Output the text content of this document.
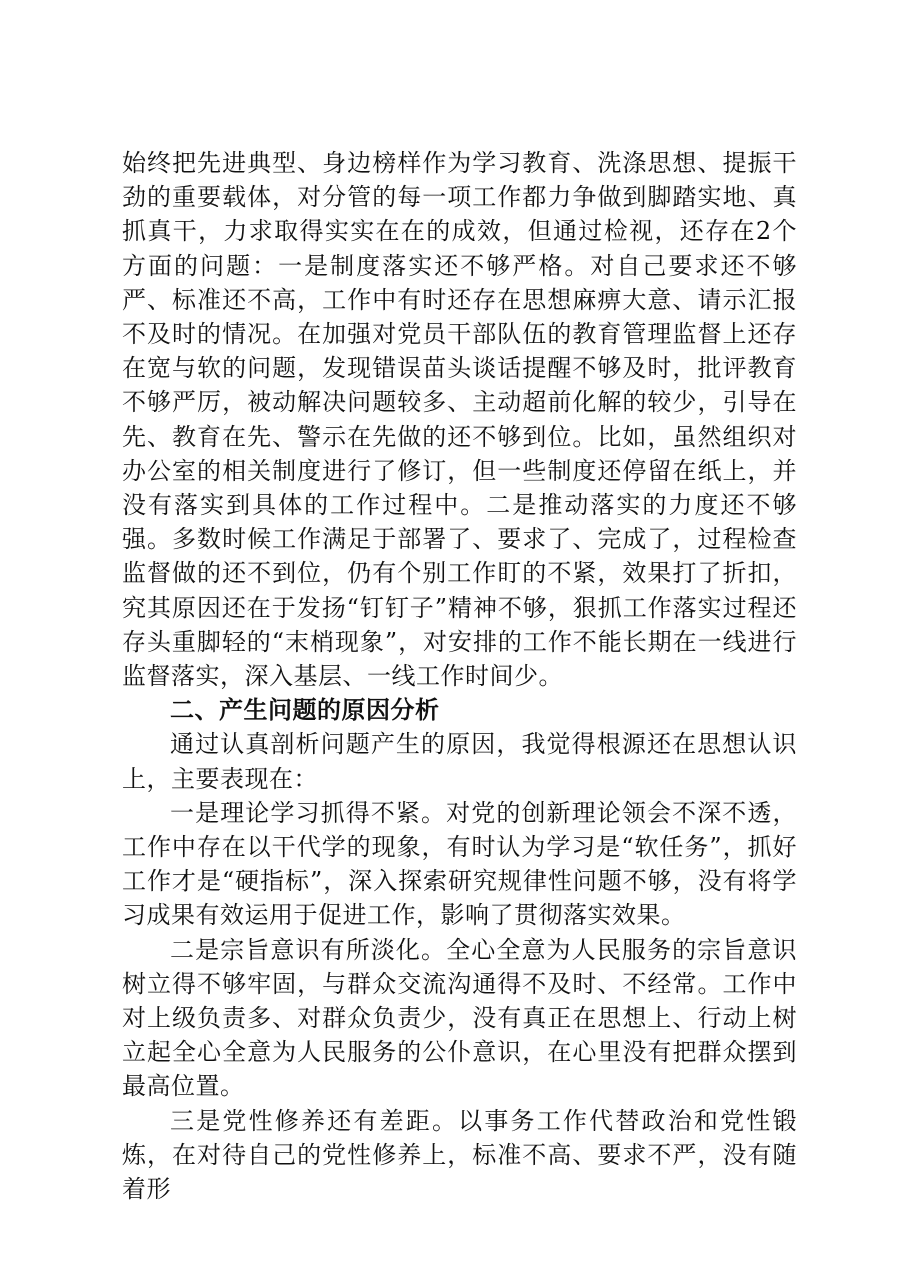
始终把先进典型、身边榜样作为学习教育、洗涤思想、提振干劲的重要载体，对分管的每一项工作都力争做到脚踏实地、真抓真干，力求取得实实在在的成效，但通过检视，还存在2个方面的问题：一是制度落实还不够严格。对自己要求还不够严、标准还不高，工作中有时还存在思想麻痹大意、请示汇报不及时的情况。在加强对党员干部队伍的教育管理监督上还存在宽与软的问题，发现错误苗头谈话提醒不够及时，批评教育不够严厉，被动解决问题较多、主动超前化解的较少，引导在先、教育在先、警示在先做的还不够到位。比如，虽然组织对办公室的相关制度进行了修订，但一些制度还停留在纸上，并没有落实到具体的工作过程中。二是推动落实的力度还不够强。多数时候工作满足于部署了、要求了、完成了，过程检查监督做的还不到位，仍有个别工作盯的不紧，效果打了折扣，究其原因还在于发扬“钉钉子”精神不够，狠抓工作落实过程还存头重脚轻的“末梢现象”，对安排的工作不能长期在一线进行监督落实，深入基层、一线工作时间少。

二、产生问题的原因分析

通过认真剖析问题产生的原因，我觉得根源还在思想认识上，主要表现在：

一是理论学习抓得不紧。对党的创新理论领会不深不透，工作中存在以干代学的现象，有时认为学习是“软任务”，抓好工作才是“硬指标”，深入探索研究规律性问题不够，没有将学习成果有效运用于促进工作，影响了贯彻落实效果。

二是宗旨意识有所淡化。全心全意为人民服务的宗旨意识树立得不够牢固，与群众交流沟通得不及时、不经常。工作中对上级负责多、对群众负责少，没有真正在思想上、行动上树立起全心全意为人民服务的公仆意识，在心里没有把群众摆到最高位置。

三是党性修养还有差距。以事务工作代替政治和党性锻炼，在对待自己的党性修养上，标准不高、要求不严，没有随着形
